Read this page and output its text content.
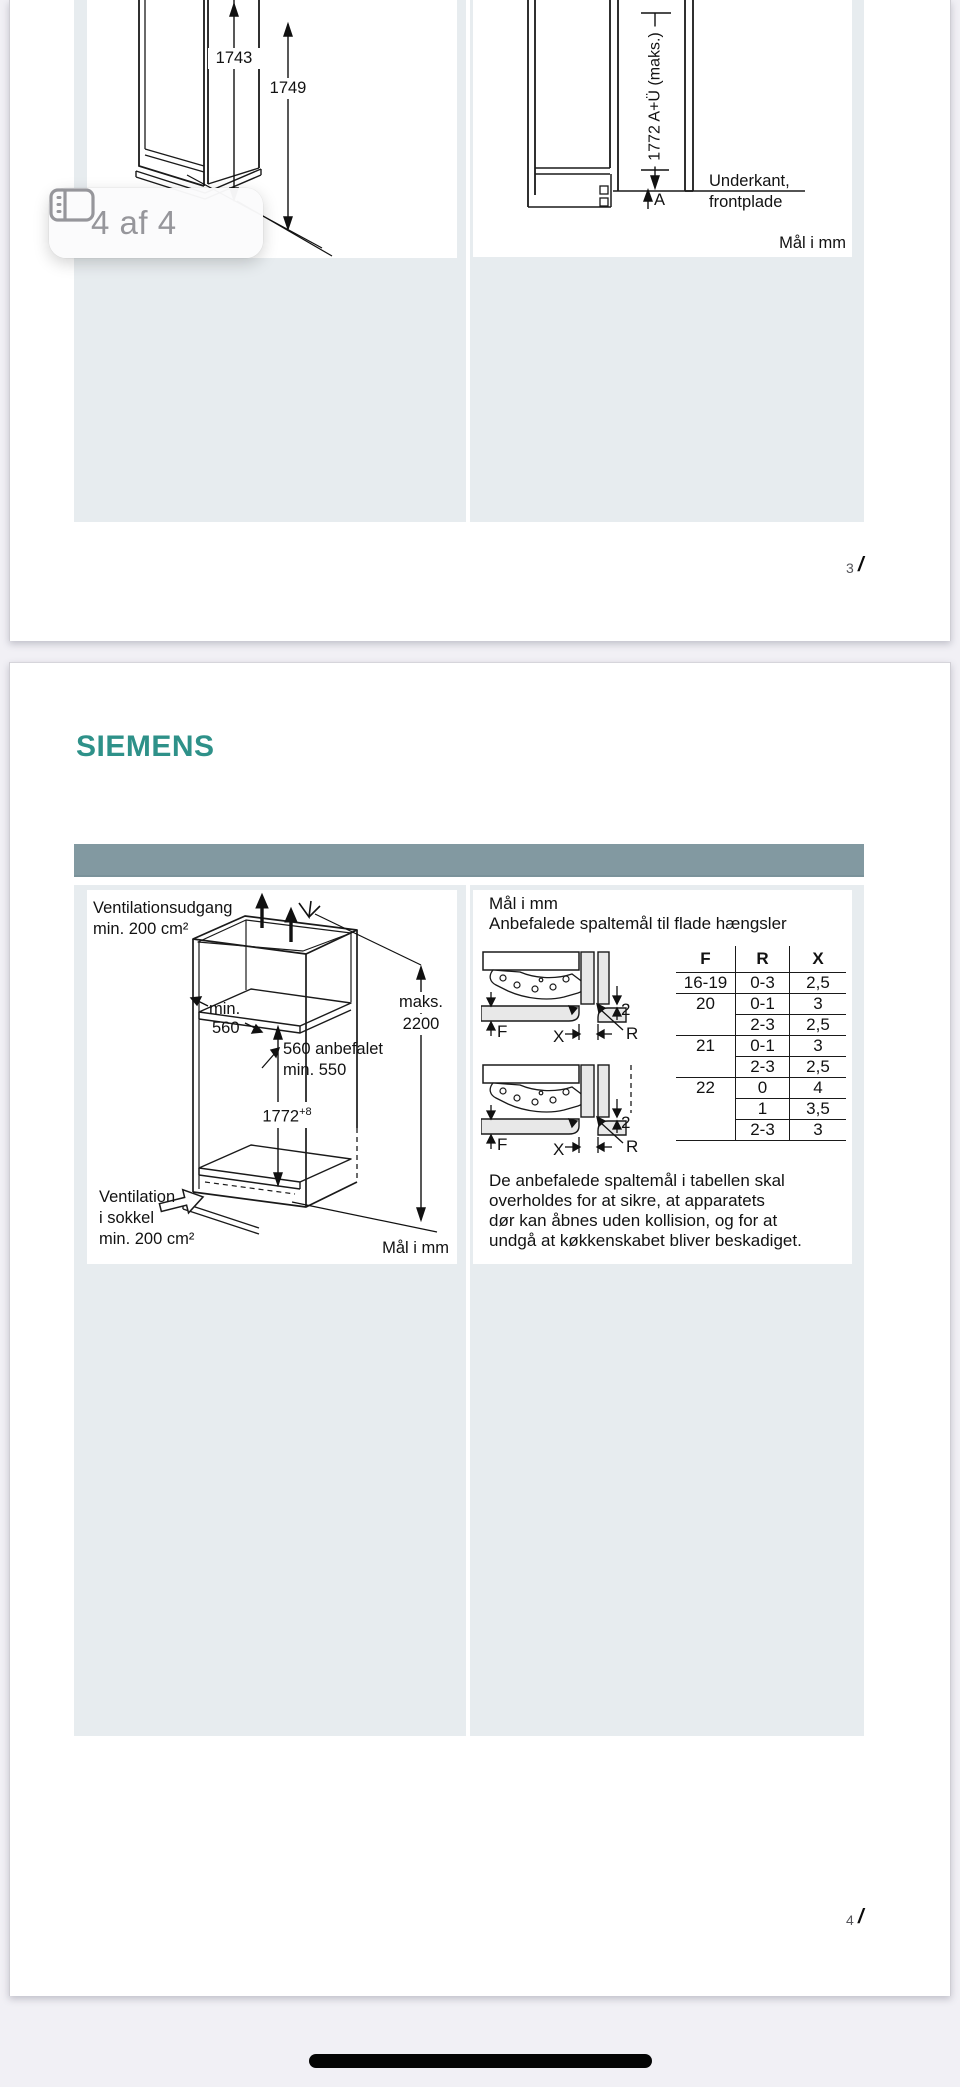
1743
1749	1772 A+Ü (maks.)
A
Underkant,
frontplade
Mål i mm
3 /
4 af 4
SIEMENS
Ventilationsudgang
min. 200 cm²
maks.
2200
min.
560
560 anbefalet
min. 550
$1772^{+8}$
Ventilation
i sokkel
min. 200 cm²	Mål i mm
Mål i mm
Anbefalede spaltemål til flade hængsler
2
F	X	R
2
F	X	R
F	R	X
16-19	0-3	2,5
20	0-1	3
	2-3	2,5
21	0-1	3
	2-3	2,5
22	0	4
	1	3,5
	2-3	3
De anbefalede spaltemål i tabellen skal
overholdes for at sikre, at apparatets
dør kan åbnes uden kollision, og for at
undgå at køkkenskabet bliver beskadiget.
4 /
